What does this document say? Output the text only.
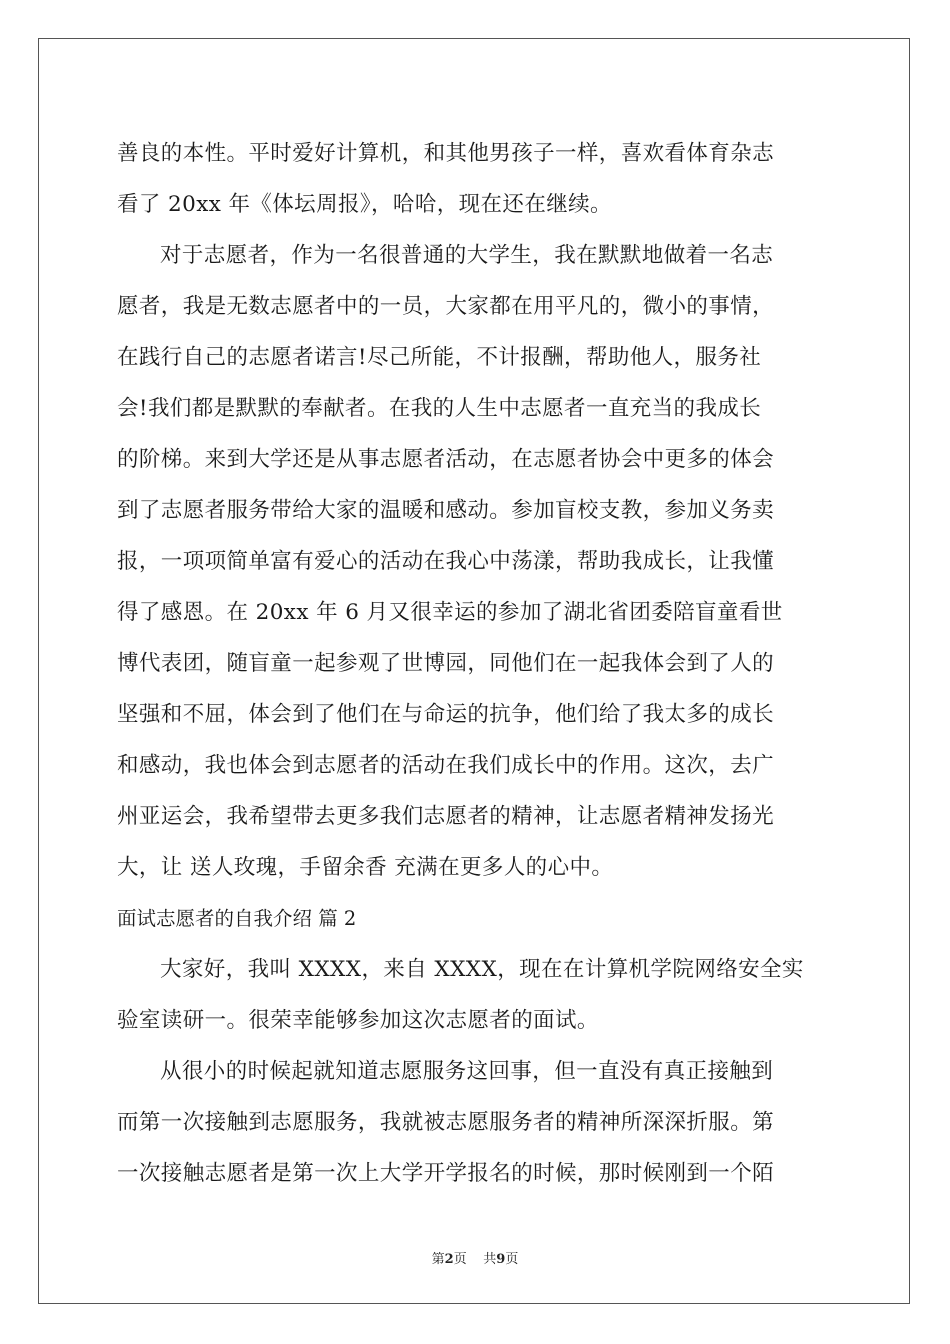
善良的本性。平时爱好计算机，和其他男孩子一样，喜欢看体育杂志
看了 20xx 年《体坛周报》，哈哈，现在还在继续。
对于志愿者，作为一名很普通的大学生，我在默默地做着一名志
愿者，我是无数志愿者中的一员，大家都在用平凡的，微小的事情，
在践行自己的志愿者诺言!尽己所能，不计报酬，帮助他人，服务社
会!我们都是默默的奉献者。在我的人生中志愿者一直充当的我成长
的阶梯。来到大学还是从事志愿者活动，在志愿者协会中更多的体会
到了志愿者服务带给大家的温暖和感动。参加盲校支教，参加义务卖
报，一项项简单富有爱心的活动在我心中荡漾，帮助我成长，让我懂
得了感恩。在 20xx 年 6 月又很幸运的参加了湖北省团委陪盲童看世
博代表团，随盲童一起参观了世博园，同他们在一起我体会到了人的
坚强和不屈，体会到了他们在与命运的抗争，他们给了我太多的成长
和感动，我也体会到志愿者的活动在我们成长中的作用。这次，去广
州亚运会，我希望带去更多我们志愿者的精神，让志愿者精神发扬光
大，让 送人玫瑰，手留余香 充满在更多人的心中。
面试志愿者的自我介绍 篇 2
大家好，我叫 XXXX，来自 XXXX，现在在计算机学院网络安全实
验室读研一。很荣幸能够参加这次志愿者的面试。
从很小的时候起就知道志愿服务这回事，但一直没有真正接触到
而第一次接触到志愿服务，我就被志愿服务者的精神所深深折服。第
一次接触志愿者是第一次上大学开学报名的时候，那时候刚到一个陌
第2页 共9页
